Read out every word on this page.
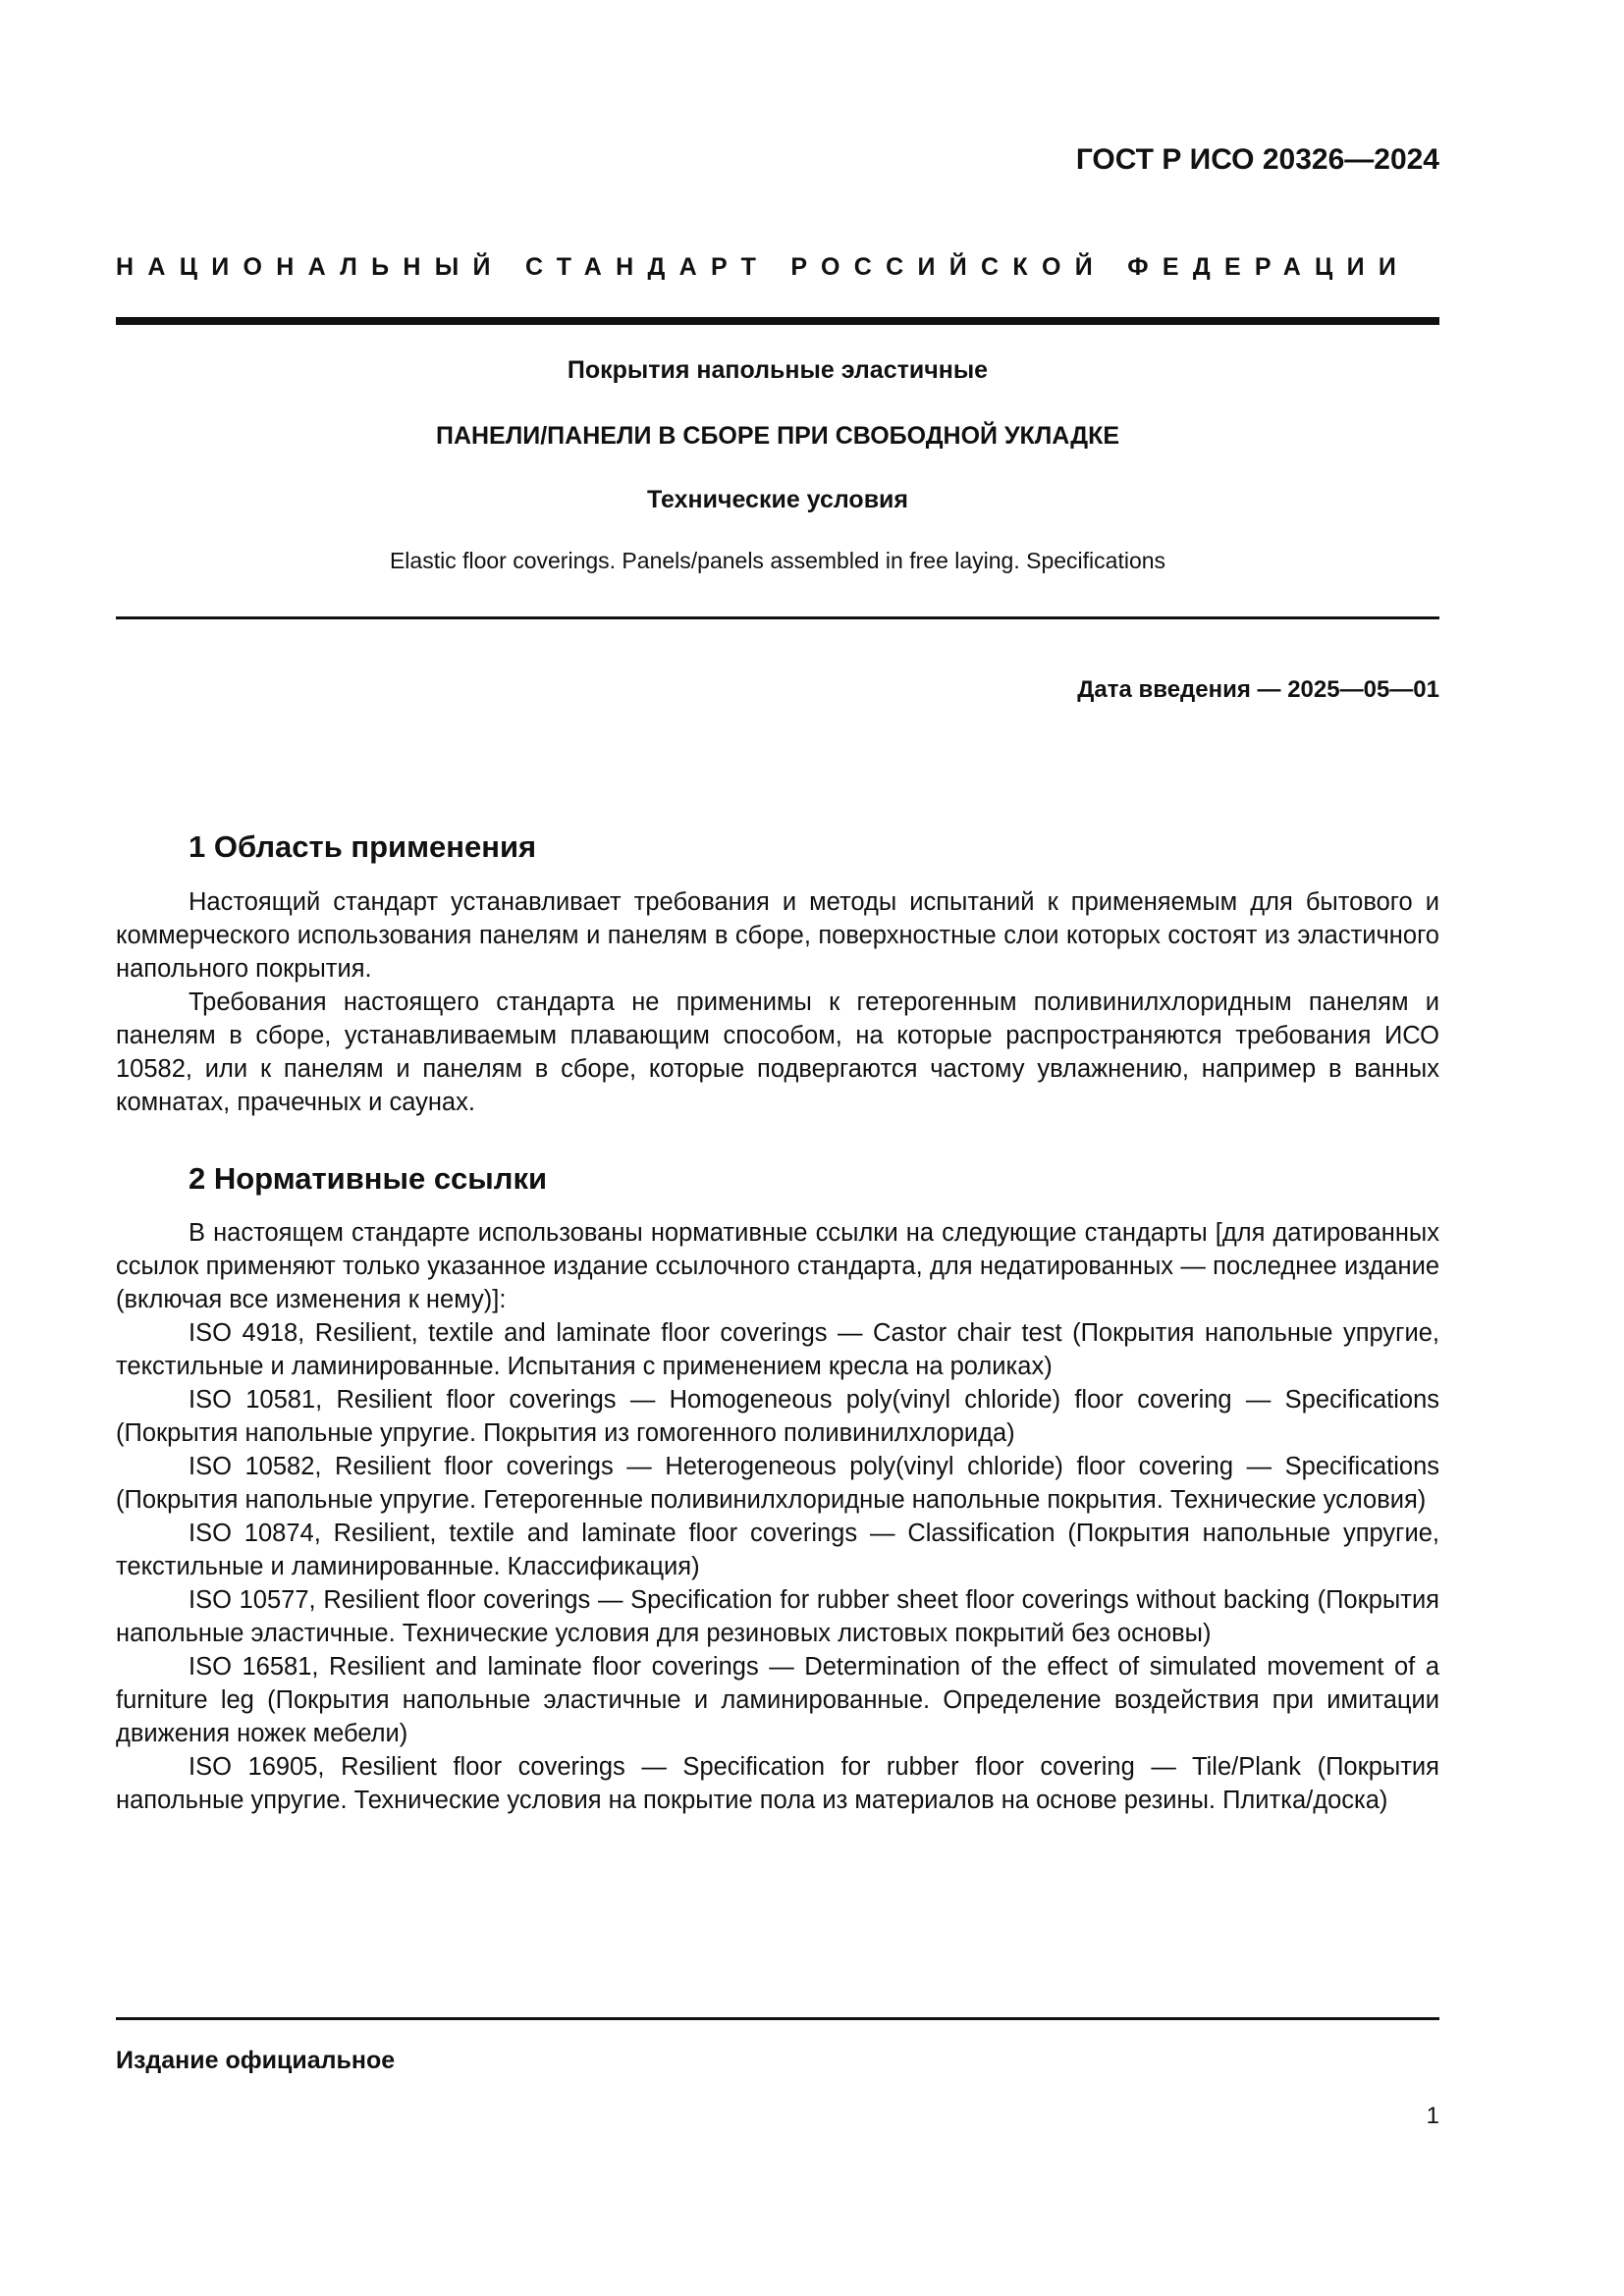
ГОСТ Р ИСО 20326—2024
НАЦИОНАЛЬНЫЙ СТАНДАРТ РОССИЙСКОЙ ФЕДЕРАЦИИ
Покрытия напольные эластичные
ПАНЕЛИ/ПАНЕЛИ В СБОРЕ ПРИ СВОБОДНОЙ УКЛАДКЕ
Технические условия
Elastic floor coverings. Panels/panels assembled in free laying. Specifications
Дата введения — 2025—05—01
1 Область применения

Настоящий стандарт устанавливает требования и методы испытаний к применяемым для бытового и коммерческого использования панелям и панелям в сборе, поверхностные слои которых состоят из эластичного напольного покрытия.

Требования настоящего стандарта не применимы к гетерогенным поливинилхлоридным панелям и панелям в сборе, устанавливаемым плавающим способом, на которые распространяются требования ИСО 10582, или к панелям и панелям в сборе, которые подвергаются частому увлажнению, например в ванных комнатах, прачечных и саунах.

2 Нормативные ссылки

В настоящем стандарте использованы нормативные ссылки на следующие стандарты [для датированных ссылок применяют только указанное издание ссылочного стандарта, для недатированных — последнее издание (включая все изменения к нему)]:

ISO 4918, Resilient, textile and laminate floor coverings — Castor chair test (Покрытия напольные упругие, текстильные и ламинированные. Испытания с применением кресла на роликах)

ISO 10581, Resilient floor coverings — Homogeneous poly(vinyl chloride) floor covering — Specifications (Покрытия напольные упругие. Покрытия из гомогенного поливинилхлорида)

ISO 10582, Resilient floor coverings — Heterogeneous poly(vinyl chloride) floor covering — Specifications (Покрытия напольные упругие. Гетерогенные поливинилхлоридные напольные покрытия. Технические условия)

ISO 10874, Resilient, textile and laminate floor coverings — Classification (Покрытия напольные упругие, текстильные и ламинированные. Классификация)

ISO 10577, Resilient floor coverings — Specification for rubber sheet floor coverings without backing (Покрытия напольные эластичные. Технические условия для резиновых листовых покрытий без основы)

ISO 16581, Resilient and laminate floor coverings — Determination of the effect of simulated movement of a furniture leg (Покрытия напольные эластичные и ламинированные. Определение воздействия при имитации движения ножек мебели)

ISO 16905, Resilient floor coverings — Specification for rubber floor covering — Tile/Plank (Покрытия напольные упругие. Технические условия на покрытие пола из материалов на основе резины. Плитка/доска)

Издание официальное
1
